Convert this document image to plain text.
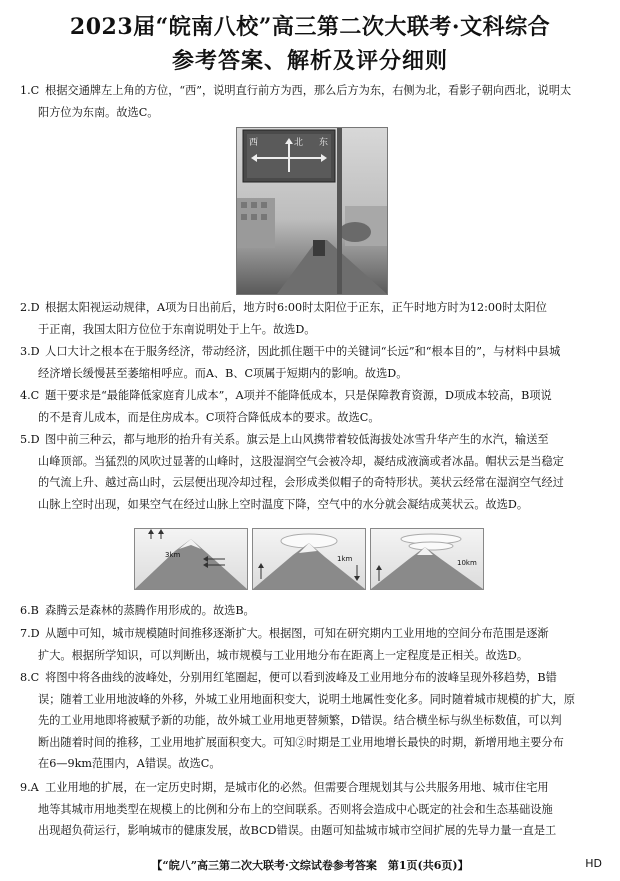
2023届“皖南八校”高三第二次大联考·文科综合
参考答案、解析及评分细则
1.C 根据交通牌左上角的方位，“西”，说明直行前方为西，那么后方为东，右侧为北，看影子朝向西北，说明太
阳方位为东南。故选C。
西	北 东
2.D 根据太阳视运动规律，A项为日出前后，地方时6:00时太阳位于正东，正午时地方时为12:00时太阳位
于正南，我国太阳方位位于东南说明处于上午。故选D。
3.D 人口大计之根本在于服务经济，带动经济，因此抓住题干中的关键词“长远”和“根本目的”，与材料中县城
经济增长缓慢甚至萎缩相呼应。而A、B、C项属于短期内的影响。故选D。
4.C 题干要求是“最能降低家庭育儿成本”，A项并不能降低成本，只是保障教育资源，D项成本较高，B项说
的不是育儿成本，而是住房成本。C项符合降低成本的要求。故选C。
5.D 图中前三种云，都与地形的抬升有关系。旗云是上山风携带着较低海拔处冰雪升华产生的水汽，输送至
山峰顶部。当猛烈的风吹过显著的山峰时，这股湿润空气会被冷却，凝结成液滴或者冰晶。帽状云是当稳定
的气流上升、越过高山时，云层便出现冷却过程，会形成类似帽子的奇特形状。荚状云经常在湿润空气经过
山脉上空时出现，如果空气在经过山脉上空时温度下降，空气中的水分就会凝结成荚状云。故选D。
3km	1km	10km
6.B 森腾云是森林的蒸腾作用形成的。故选B。
7.D 从题中可知，城市规模随时间推移逐渐扩大。根据图，可知在研究期内工业用地的空间分布范围是逐渐
扩大。根据所学知识，可以判断出，城市规模与工业用地分布在距离上一定程度是正相关。故选D。
8.C 将图中将各曲线的波峰处，分别用红笔圈起，便可以看到波峰及工业用地分布的波峰呈现外移趋势，B错
误；随着工业用地波峰的外移，外城工业用地面积变大，说明土地属性变化多。同时随着城市规模的扩大，原
先的工业用地即将被赋予新的功能，故外城工业用地更替频繁，D错误。结合横坐标与纵坐标数值，可以判
断出随着时间的推移，工业用地扩展面积变大。可知②时期是工业用地增长最快的时期，新增用地主要分布
在6—9km范围内，A错误。故选C。
9.A 工业用地的扩展，在一定历史时期，是城市化的必然。但需要合理规划其与公共服务用地、城市住宅用
地等其城市用地类型在规模上的比例和分布上的空间联系。否则将会造成中心既定的社会和生态基础设施
出现超负荷运行，影响城市的健康发展，故BCD错误。由题可知盐城市城市空间扩展的先导力量一直是工
【“皖八”高三第二次大联考·文综试卷参考答案　第1页(共6页)】	HD
